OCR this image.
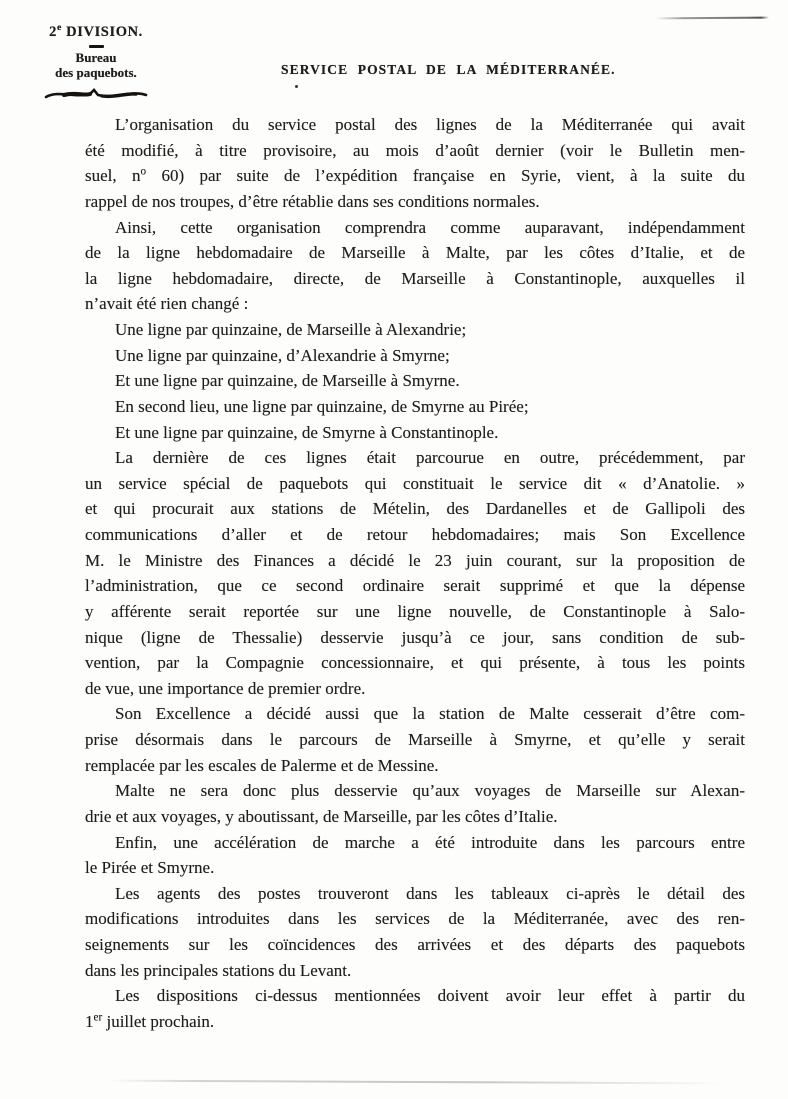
2e DIVISION.
Bureau
des paquebots.	SERVICE POSTAL DE LA MÉDITERRANÉE.
L’organisation du service postal des lignes de la Méditerranée qui avait
été modifié, à titre provisoire, au mois d’août dernier (voir le Bulletin men-
suel, $n^o$ 60) par suite de l’expédition française en Syrie, vient, à la suite du
rappel de nos troupes, d’être rétablie dans ses conditions normales.
Ainsi, cette organisation comprendra comme auparavant, indépendamment
de la ligne hebdomadaire de Marseille à Malte, par les côtes d’Italie, et de
la ligne hebdomadaire, directe, de Marseille à Constantinople, auxquelles il
n’avait été rien changé :
Une ligne par quinzaine, de Marseille à Alexandrie;
Une ligne par quinzaine, d’Alexandrie à Smyrne;
Et une ligne par quinzaine, de Marseille à Smyrne.
En second lieu, une ligne par quinzaine, de Smyrne au Pirée;
Et une ligne par quinzaine, de Smyrne à Constantinople.
La dernière de ces lignes était parcourue en outre, précédemment, par
un service spécial de paquebots qui constituait le service dit « d’Anatolie. »
et qui procurait aux stations de Mételin, des Dardanelles et de Gallipoli des
communications d’aller et de retour hebdomadaires; mais Son Excellence
M. le Ministre des Finances a décidé le 23 juin courant, sur la proposition de
l’administration, que ce second ordinaire serait supprimé et que la dépense
y afférente serait reportée sur une ligne nouvelle, de Constantinople à Salo-
nique (ligne de Thessalie) desservie jusqu’à ce jour, sans condition de sub-
vention, par la Compagnie concessionnaire, et qui présente, à tous les points
de vue, une importance de premier ordre.
Son Excellence a décidé aussi que la station de Malte cesserait d’être com-
prise désormais dans le parcours de Marseille à Smyrne, et qu’elle y serait
remplacée par les escales de Palerme et de Messine.
Malte ne sera donc plus desservie qu’aux voyages de Marseille sur Alexan-
drie et aux voyages, y aboutissant, de Marseille, par les côtes d’Italie.
Enfin, une accélération de marche a été introduite dans les parcours entre
le Pirée et Smyrne.
Les agents des postes trouveront dans les tableaux ci-après le détail des
modifications introduites dans les services de la Méditerranée, avec des ren-
seignements sur les coïncidences des arrivées et des départs des paquebots
dans les principales stations du Levant.
Les dispositions ci-dessus mentionnées doivent avoir leur effet à partir du
1er juillet prochain.
